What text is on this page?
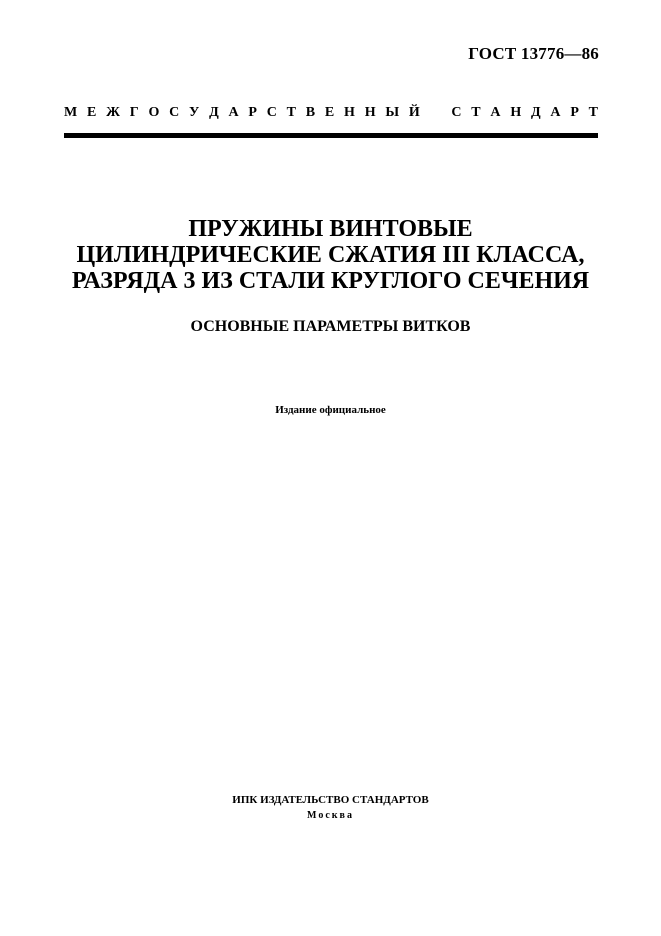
ГОСТ 13776—86
М Е Ж Г О С У Д А Р С Т В Е Н Н Ы Й С Т А Н Д А Р Т
ПРУЖИНЫ ВИНТОВЫЕ
ЦИЛИНДРИЧЕСКИЕ СЖАТИЯ III КЛАССА,
РАЗРЯДА 3 ИЗ СТАЛИ КРУГЛОГО СЕЧЕНИЯ
ОСНОВНЫЕ ПАРАМЕТРЫ ВИТКОВ
Издание официальное
ИПК ИЗДАТЕЛЬСТВО СТАНДАРТОВ
Москва
